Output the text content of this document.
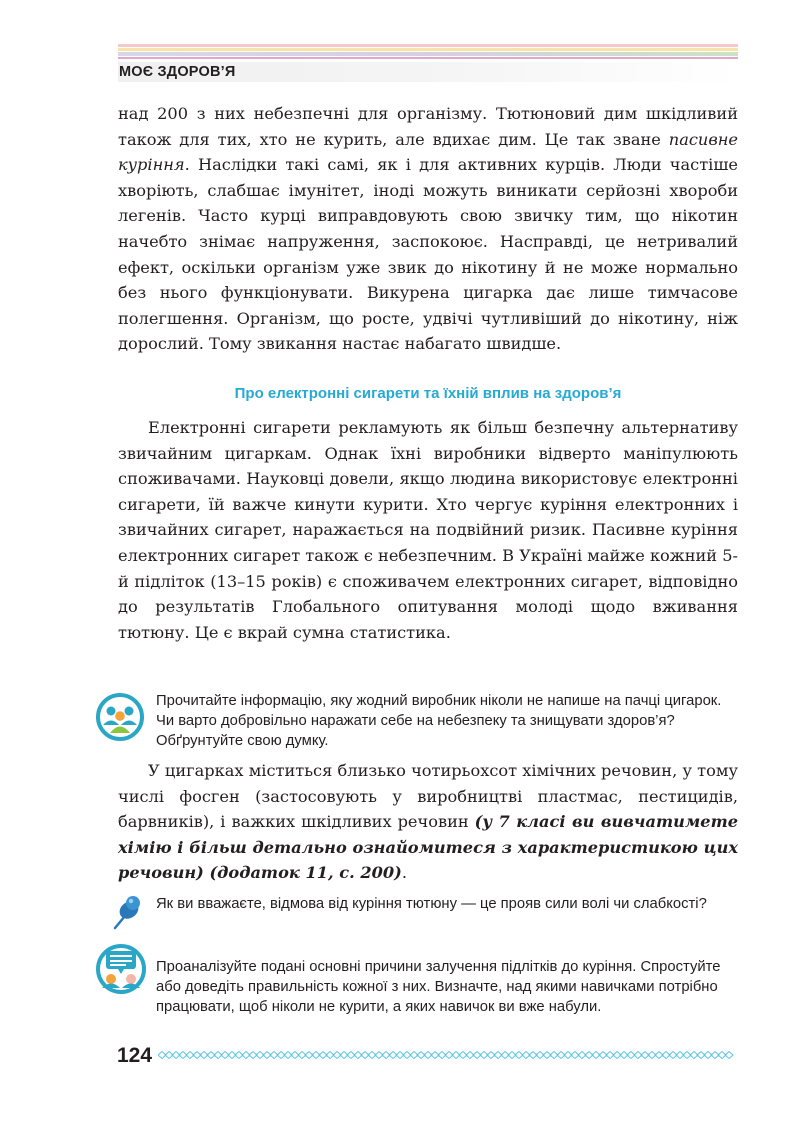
МОЄ ЗДОРОВ’Я

над 200 з них небезпечні для організму. Тютюновий дим шкідливий також для тих, хто не курить, але вдихає дим. Це так зване пасивне куріння. Наслідки такі самі, як і для активних курців. Люди частіше хворіють, слабшає імунітет, іноді можуть виникати серйозні хвороби легенів. Часто курці виправдовують свою звичку тим, що нікотин начебто знімає напруження, заспокоює. Насправді, це нетривалий ефект, оскільки організм уже звик до нікотину й не може нормально без нього функціонувати. Викурена цигарка дає лише тимчасове полегшення. Організм, що росте, удвічі чутливіший до нікотину, ніж дорослий. Тому звикання настає набагато швидше.

Про електронні сигарети та їхній вплив на здоров’я

Електронні сигарети рекламують як більш безпечну альтернативу звичайним цигаркам. Однак їхні виробники відверто маніпулюють споживачами. Науковці довели, якщо людина використовує електронні сигарети, їй важче кинути курити. Хто чергує куріння електронних і звичайних сигарет, наражається на подвійний ризик. Пасивне куріння електронних сигарет також є небезпечним. В Україні майже кожний 5-й підліток (13–15 років) є споживачем електронних сигарет, відповідно до результатів Глобального опитування молоді щодо вживання тютюну. Це є вкрай сумна статистика.

Прочитайте інформацію, яку жодний виробник ніколи не напише на пачці цигарок. Чи варто добровільно наражати себе на небезпеку та знищувати здоров’я? Обґрунтуйте свою думку.

У цигарках міститься близько чотирьохсот хімічних речовин, у тому числі фосген (застосовують у виробництві пластмас, пестицидів, барвників), і важких шкідливих речовин (у 7 класі ви вивчатимете хімію і більш детально ознайомитеся з характеристикою цих речовин) (додаток 11, с. 200).

Як ви вважаєте, відмова від куріння тютюну — це прояв сили волі чи слабкості?

Проаналізуйте подані основні причини залучення підлітків до куріння. Спростуйте або доведіть правильність кожної з них. Визначте, над якими навичками потрібно працювати, щоб ніколи не курити, а яких навичок ви вже набули.

124
